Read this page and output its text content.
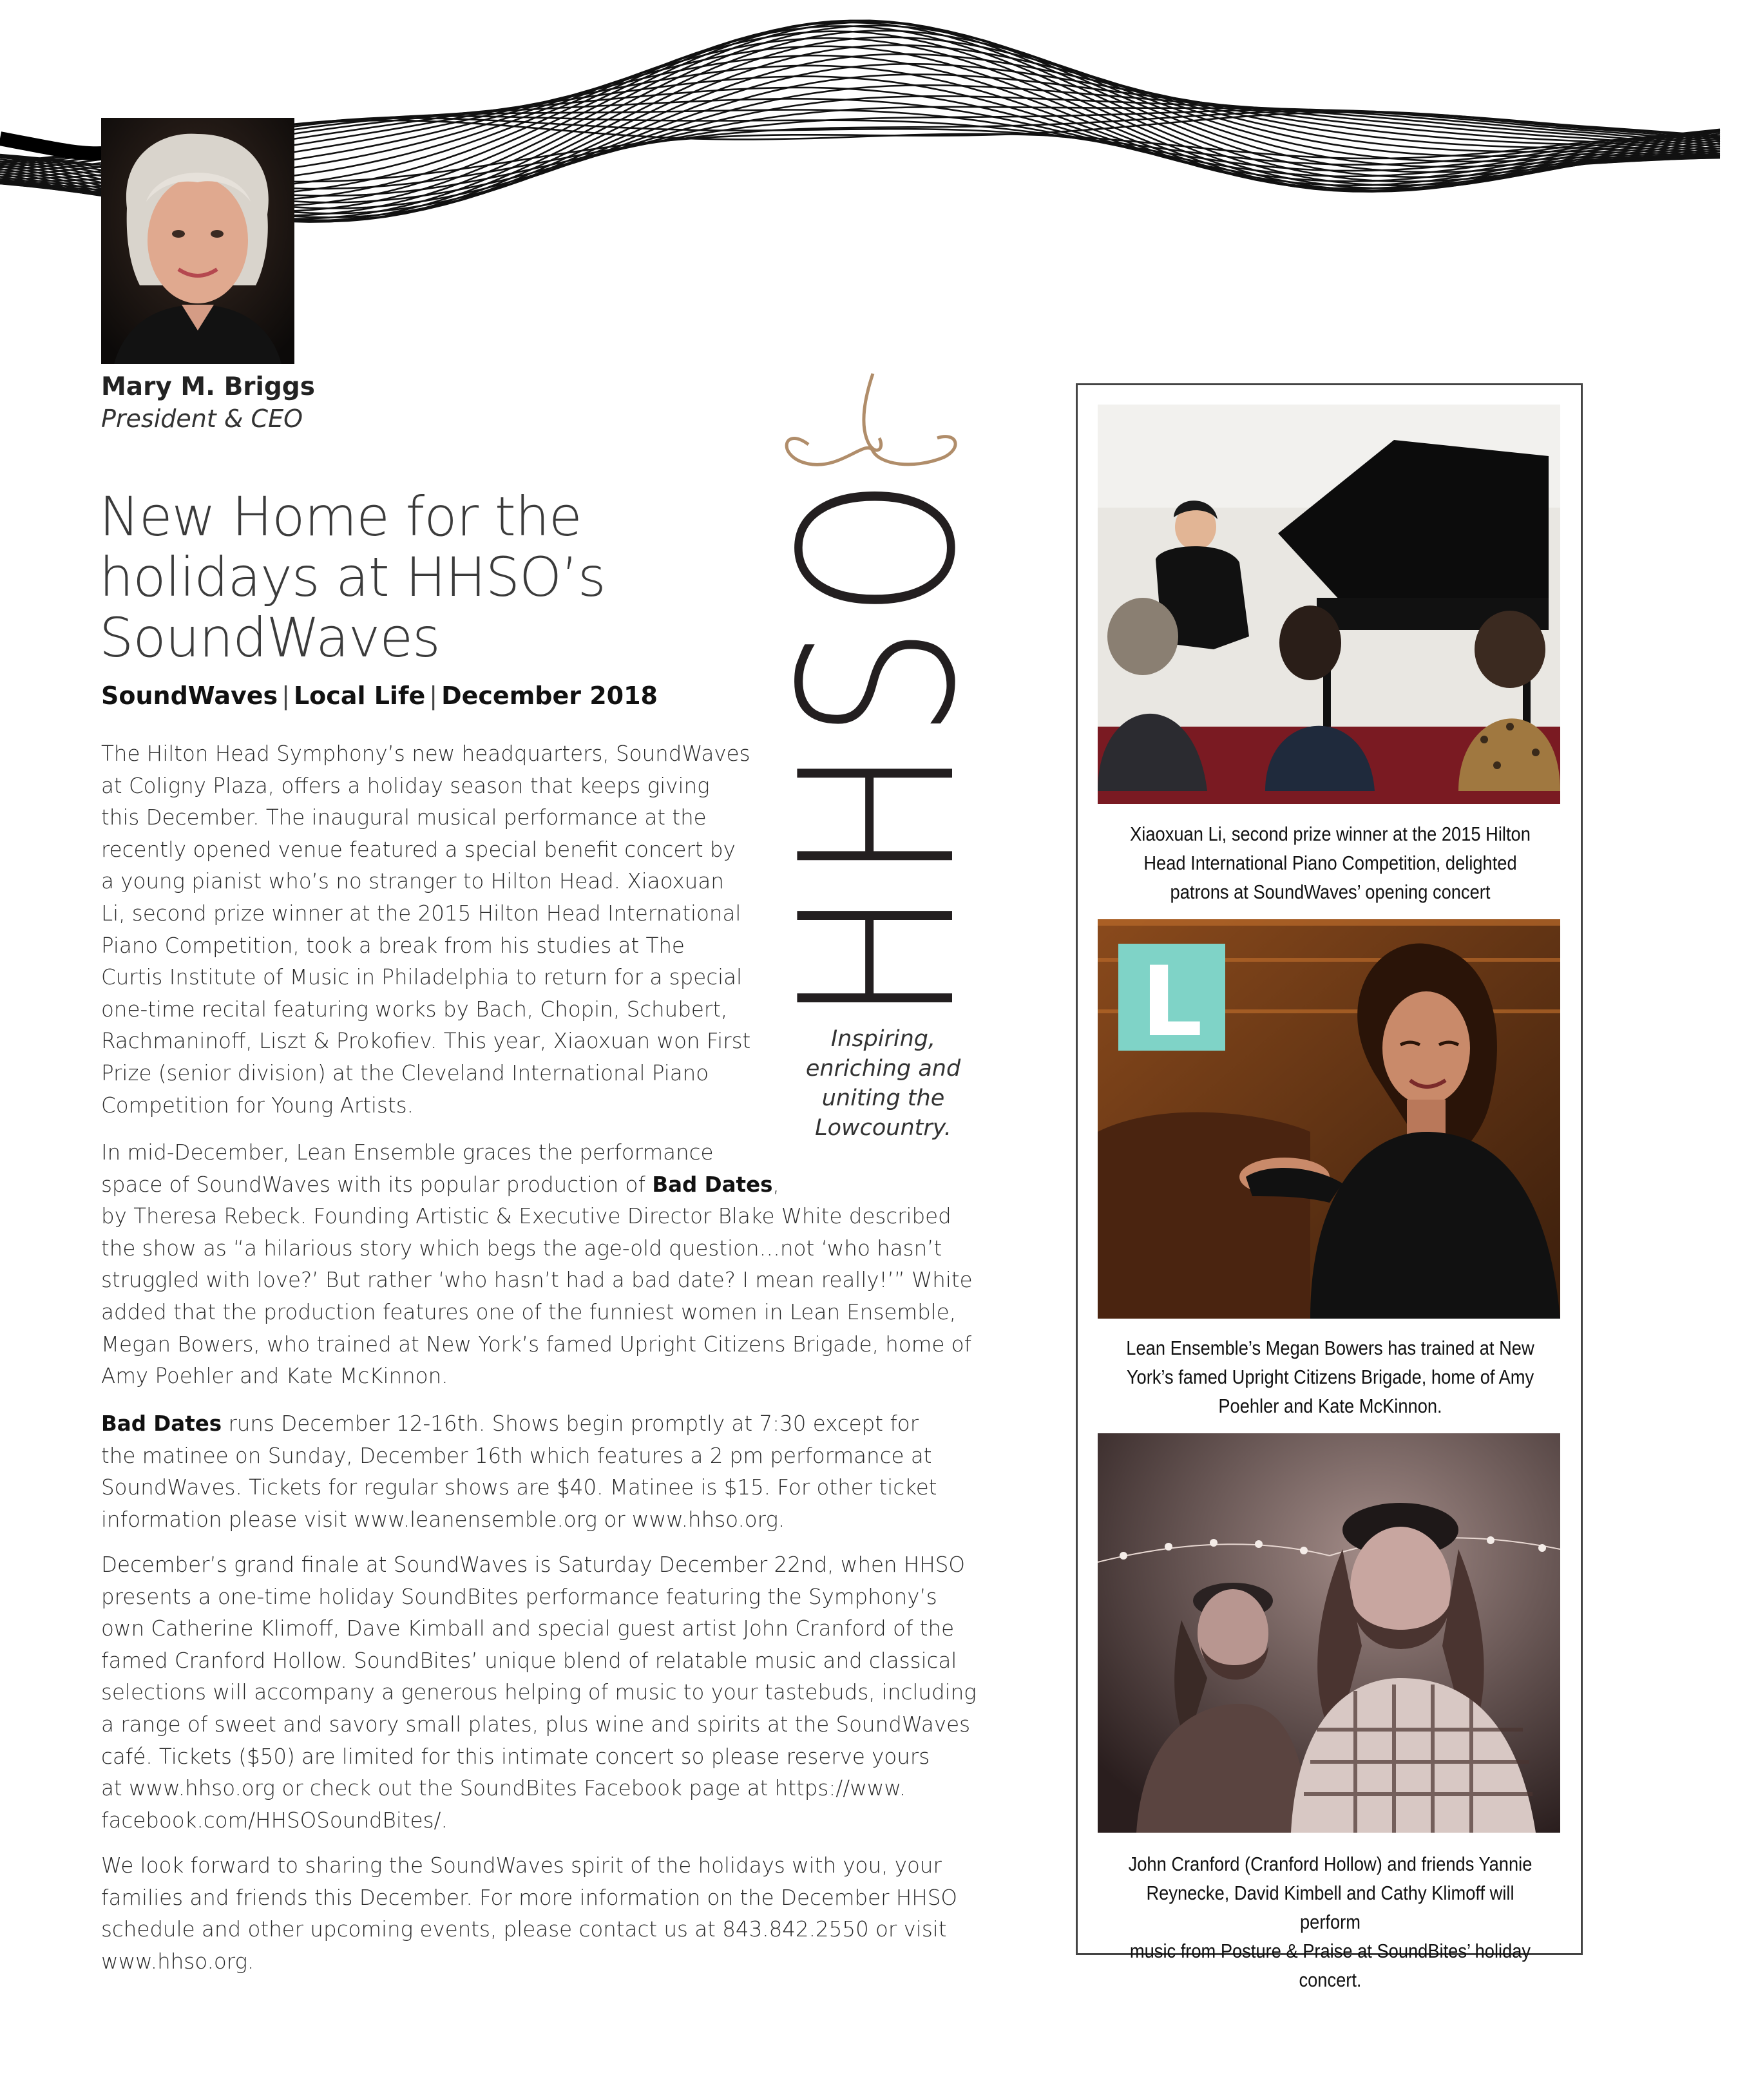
Mary M. Briggs
President & CEO
New Home for the
holidays at HHSO’s
SoundWaves
SoundWaves | Local Life | December 2018
The Hilton Head Symphony’s new headquarters, SoundWaves
at Coligny Plaza, offers a holiday season that keeps giving
this December. The inaugural musical performance at the
recently opened venue featured a special benefit concert by
a young pianist who’s no stranger to Hilton Head. Xiaoxuan
Li, second prize winner at the 2015 Hilton Head International
Piano Competition, took a break from his studies at The
Curtis Institute of Music in Philadelphia to return for a special
one-time recital featuring works by Bach, Chopin, Schubert,
Rachmaninoff, Liszt & Prokofiev. This year, Xiaoxuan won First
Prize (senior division) at the Cleveland International Piano
Competition for Young Artists.
In mid-December, Lean Ensemble graces the performance
space of SoundWaves with its popular production of Bad Dates,
by Theresa Rebeck. Founding Artistic & Executive Director Blake White described
the show as “a hilarious story which begs the age-old question…not ‘who hasn’t
struggled with love?’ But rather ‘who hasn’t had a bad date? I mean really!’” White
added that the production features one of the funniest women in Lean Ensemble,
Megan Bowers, who trained at New York’s famed Upright Citizens Brigade, home of
Amy Poehler and Kate McKinnon.
Bad Dates runs December 12-16th. Shows begin promptly at 7:30 except for
the matinee on Sunday, December 16th which features a 2 pm performance at
SoundWaves. Tickets for regular shows are $40. Matinee is $15. For other ticket
information please visit www.leanensemble.org or www.hhso.org.
December’s grand finale at SoundWaves is Saturday December 22nd, when HHSO
presents a one-time holiday SoundBites performance featuring the Symphony’s
own Catherine Klimoff, Dave Kimball and special guest artist John Cranford of the
famed Cranford Hollow. SoundBites’ unique blend of relatable music and classical
selections will accompany a generous helping of music to your tastebuds, including
a range of sweet and savory small plates, plus wine and spirits at the SoundWaves
café. Tickets ($50) are limited for this intimate concert so please reserve yours
at www.hhso.org or check out the SoundBites Facebook page at https://www.
facebook.com/HHSOSoundBites/.
We look forward to sharing the SoundWaves spirit of the holidays with you, your
families and friends this December. For more information on the December HHSO
schedule and other upcoming events, please contact us at 843.842.2550 or visit
www.hhso.org.
HHSO
Inspiring,
enriching and
uniting the
Lowcountry.
Xiaoxuan Li, second prize winner at the 2015 Hilton
Head International Piano Competition, delighted
patrons at SoundWaves’ opening concert
L
Lean Ensemble’s Megan Bowers has trained at New
York’s famed Upright Citizens Brigade, home of Amy
Poehler and Kate McKinnon.
John Cranford (Cranford Hollow) and friends Yannie
Reynecke, David Kimbell and Cathy Klimoff will perform
music from Posture & Praise at SoundBites’ holiday concert.
